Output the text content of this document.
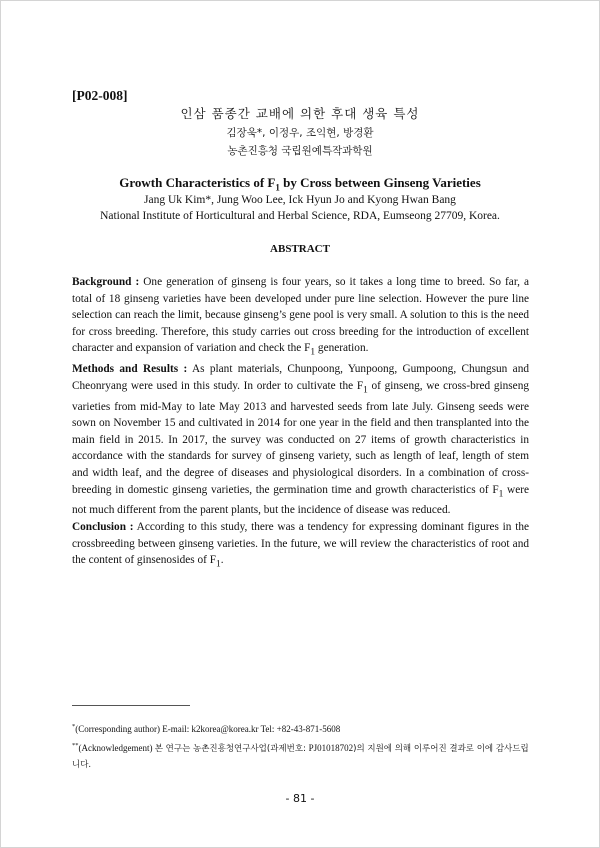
[P02-008]
인삼 품종간 교배에 의한 후대 생육 특성
김장욱*, 이정우, 조익현, 방경환
농촌진흥청 국립원예특작과학원
Growth Characteristics of $F_1$ by Cross between Ginseng Varieties
Jang Uk Kim*, Jung Woo Lee, Ick Hyun Jo and Kyong Hwan Bang
National Institute of Horticultural and Herbal Science, RDA, Eumseong 27709, Korea.
ABSTRACT

Background : One generation of ginseng is four years, so it takes a long time to breed. So far, a total of 18 ginseng varieties have been developed under pure line selection. However the pure line selection can reach the limit, because ginseng’s gene pool is very small. A solution to this is the need for cross breeding. Therefore, this study carries out cross breeding for the introduction of excellent character and expansion of variation and check the $F_1$ generation.

Methods and Results : As plant materials, Chunpoong, Yunpoong, Gumpoong, Chungsun and Cheonryang were used in this study. In order to cultivate the $F_1$ of ginseng, we cross-bred ginseng varieties from mid-May to late May 2013 and harvested seeds from late July. Ginseng seeds were sown on November 15 and cultivated in 2014 for one year in the field and then transplanted into the main field in 2015. In 2017, the survey was conducted on 27 items of growth characteristics in accordance with the standards for survey of ginseng variety, such as length of leaf, length of stem and width leaf, and the degree of diseases and physiological disorders. In a combination of cross-breeding in domestic ginseng varieties, the germination time and growth characteristics of $F_1$ were not much different from the parent plants, but the incidence of disease was reduced.

Conclusion : According to this study, there was a tendency for expressing dominant figures in the crossbreeding between ginseng varieties. In the future, we will review the characteristics of root and the content of ginsenosides of $F_1$.

*(Corresponding author) E-mail: k2korea@korea.kr Tel: +82-43-871-5608
**(Acknowledgement) 본 연구는 농촌진흥청연구사업(과제번호: PJ01018702)의 지원에 의해 이루어진 결과로 이에 감사드립니다.
- 81 -
